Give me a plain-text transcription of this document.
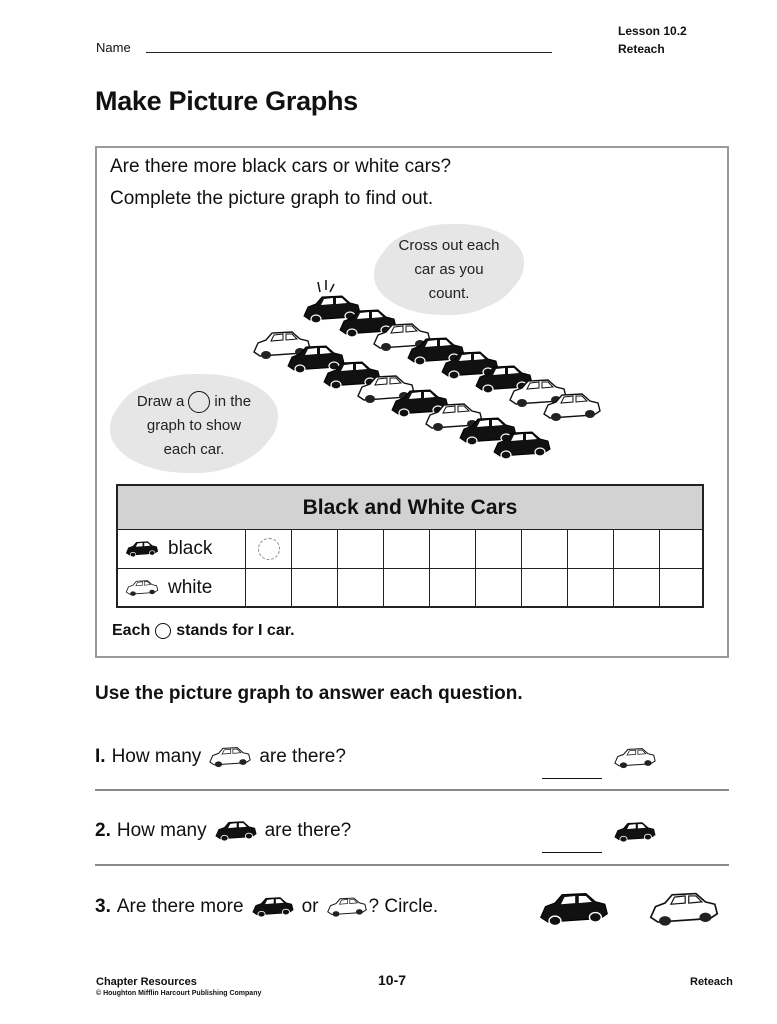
Name
Lesson 10.2
Reteach
Make Picture Graphs
Are there more black cars or white cars?
Complete the picture graph to find out.
Cross out each
car as you
count.
Draw a in the
graph to show
each car.
Black and White Cars
black
white
Each stands for I car.
Use the picture graph to answer each question.
I. How many	are there?
2. How many	are there?
3. Are there more	or	? Circle.
Chapter Resources
© Houghton Mifflin Harcourt Publishing Company
10-7	Reteach
